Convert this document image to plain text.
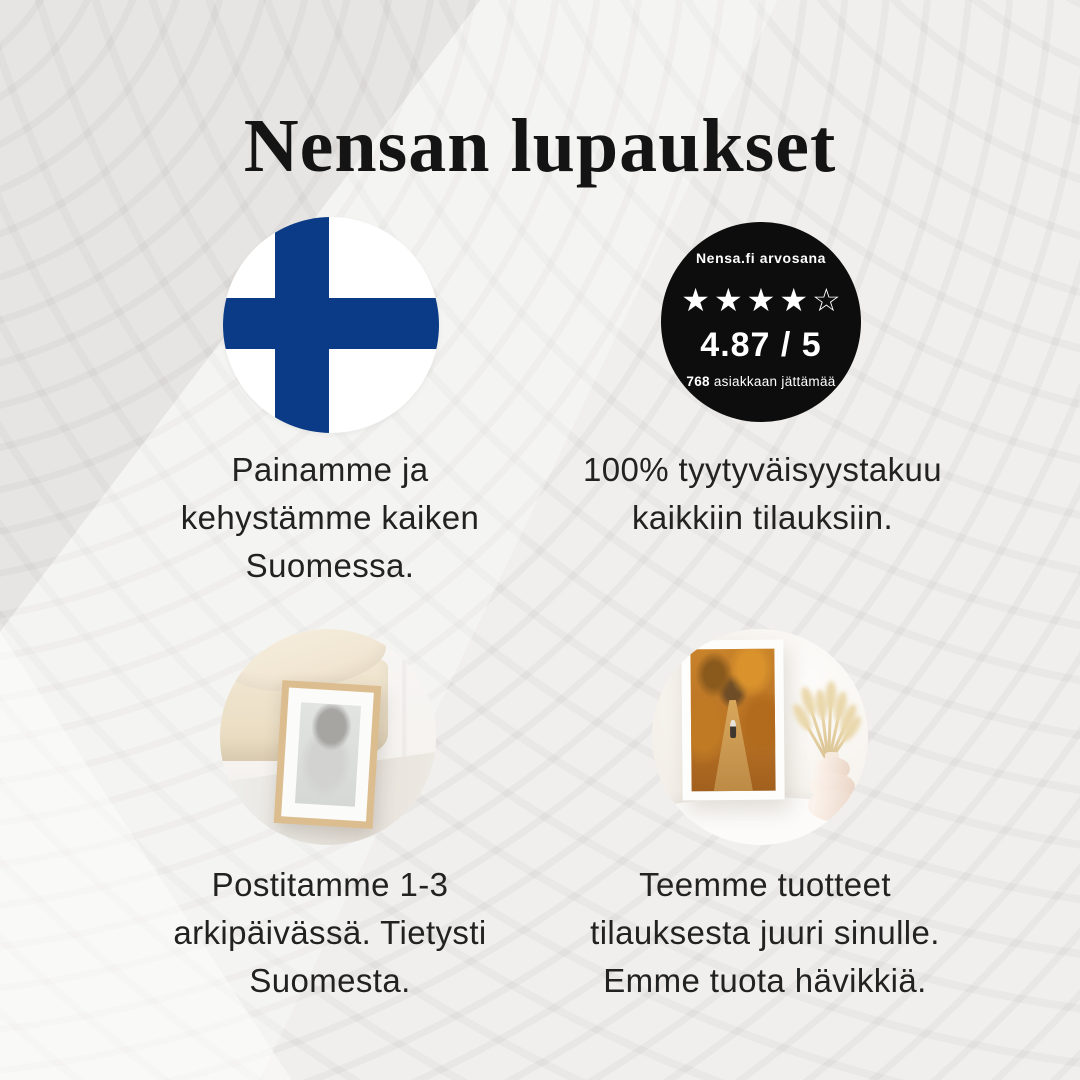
Nensan lupaukset
Nensa.fi arvosana
★★★★☆
4.87 / 5
768 asiakkaan jättämää
Painamme ja
kehystämme kaiken
Suomessa.
100% tyytyväisyystakuu
kaikkiin tilauksiin.
Postitamme 1-3
arkipäivässä. Tietysti
Suomesta.
Teemme tuotteet
tilauksesta juuri sinulle.
Emme tuota hävikkiä.
